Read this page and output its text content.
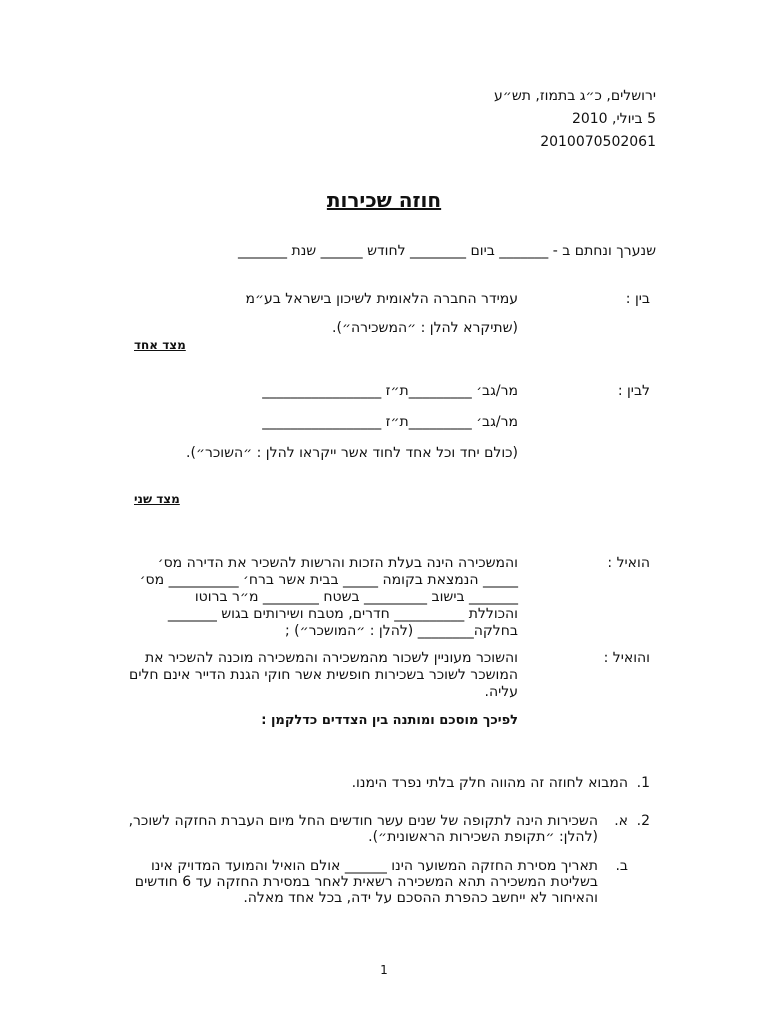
ירושלים, כ״ג בתמוז, תש״ע
5 ביולי, 2010
2010070502061
חוזה שכירות
שנערך ונחתם ב - _______ ביום ________ לחודש ______ שנת _______
בין :
עמידר החברה הלאומית לשיכון בישראל בע״מ
(שתיקרא להלן : ״המשכירה״).
מצד אחד
לבין :
מר/גב׳ _________ת״ז _________________
מר/גב׳ _________ת״ז _________________
(כולם יחד וכל אחד לחוד אשר ייקראו להלן : ״השוכר״).
מצד שני
הואיל :
והמשכירה הינה בעלת הזכות והרשות להשכיר את הדירה מס׳
_____ הנמצאת בקומה _____ בבית אשר ברח׳ __________ מס׳
_______ בישוב _________ בשטח ________ מ״ר ברוטו
והכוללת __________ חדרים, מטבח ושירותים בגוש _______
בחלקה________ (להלן : ״המושכר״) ;
והואיל :
והשוכר מעוניין לשכור מהמשכירה והמשכירה מוכנה להשכיר את
המושכר לשוכר בשכירות חופשית אשר חוקי הגנת הדייר אינם חלים
עליה.
לפיכך מוסכם ומותנה בין הצדדים כדלקמן :
1.
המבוא לחוזה זה מהווה חלק בלתי נפרד הימנו.
2.
א.
השכירות הינה לתקופה של שנים עשר חודשים החל מיום העברת החזקה לשוכר,
(להלן: ״תקופת השכירות הראשונית״).
ב.
תאריך מסירת החזקה המשוער הינו ______ אולם הואיל והמועד המדויק אינו
בשליטת המשכירה תהא המשכירה רשאית לאחר במסירת החזקה עד 6 חודשים
והאיחור לא ייחשב כהפרת ההסכם על ידה, בכל אחד מאלה.
1
